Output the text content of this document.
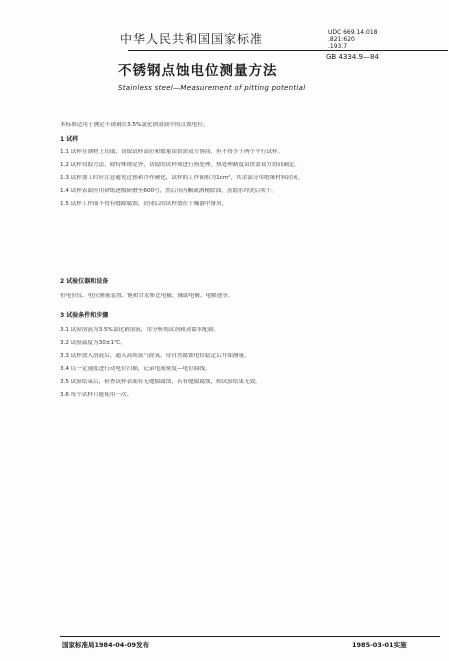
中华人民共和国国家标准	UDC 669.14.018
.821:620
.193.7
GB 4334.9—84
不锈钢点蚀电位测量方法
Stainless steel—Measurement of pitting potential
本标准适用于测定不锈钢在3.5%氯化钠溶液中的点蚀电位。
1 试样
1.1 试样在钢材上切取，切取试样部位和数量由供需双方协商，但不得少于两个平行试样。
1.2 试样切取方法，除特殊规定外，切取的试样须进行热处理，热处理制度由供需双方协商确定。
1.3 试样加工时应注意避免过热和冷作硬化，试样的工作面积为1cm²，其余部分用绝缘材料封闭。
1.4 试样表面应用砂纸逐级研磨至600号，然后用丙酮或酒精除油，蒸馏水冲洗后吹干。
1.5 试样工作面不得有缝隙腐蚀，封闭后的试样放在干燥器中备用。
2 试验仪器和设备
恒电位仪、电位测量装置、饱和甘汞参比电极、辅助电极、电解池等。
3 试验条件和步骤
3.1 试验溶液为3.5%氯化钠溶液，用分析纯试剂和蒸馏水配制。
3.2 试验温度为30±1℃。
3.3 试样放入溶液后，通入高纯氮气除氧，待自然腐蚀电位稳定后开始测量。
3.4 以一定速度进行动电位扫描，记录电流密度—电位曲线。
3.5 试验结束后，检查试样表面有无缝隙腐蚀，若有缝隙腐蚀，则试验结果无效。
3.6 每个试样只能使用一次。
国家标准局1984-04-09发布	1985-03-01实施
